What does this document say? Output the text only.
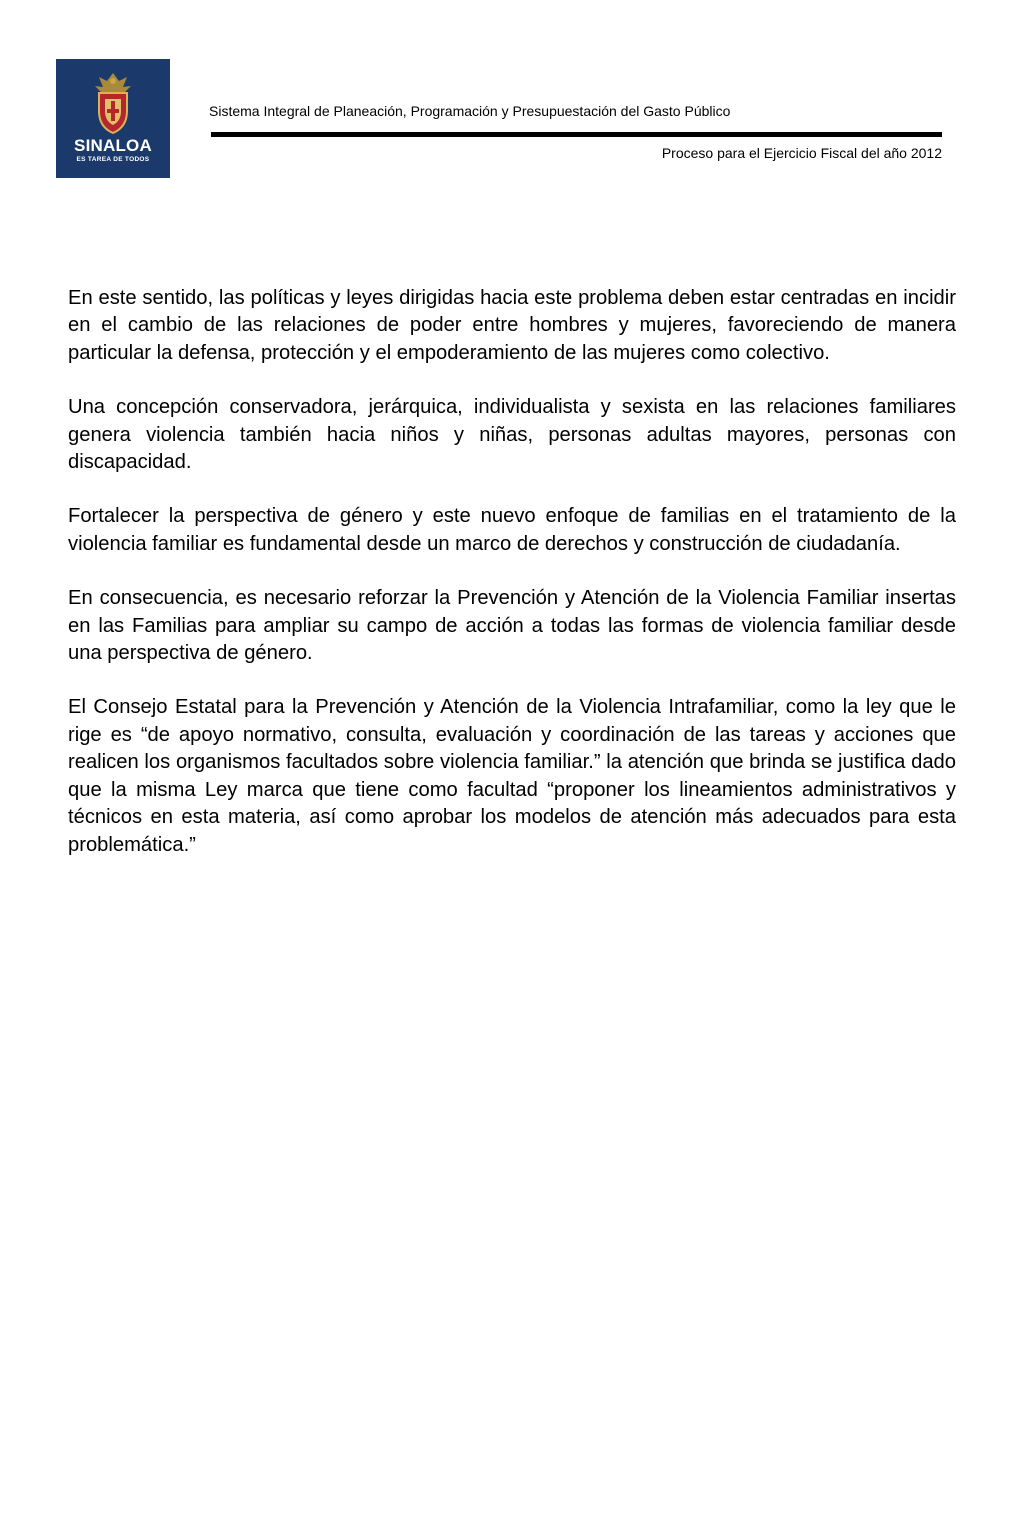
SINALOA
ES TAREA DE TODOS
Sistema Integral de Planeación, Programación y Presupuestación del Gasto Público
Proceso para el Ejercicio Fiscal del año 2012

En este sentido, las políticas y leyes dirigidas hacia este problema deben estar centradas en incidir en el cambio de las relaciones de poder entre hombres y mujeres, favoreciendo de manera particular la defensa, protección y el empoderamiento de las mujeres como colectivo.

Una concepción conservadora, jerárquica, individualista y sexista en las relaciones familiares genera violencia también hacia niños y niñas, personas adultas mayores, personas con discapacidad.

Fortalecer la perspectiva de género y este nuevo enfoque de familias en el tratamiento de la violencia familiar es fundamental desde un marco de derechos y construcción de ciudadanía.

En consecuencia, es necesario reforzar la Prevención y Atención de la Violencia Familiar insertas en las Familias para ampliar su campo de acción a todas las formas de violencia familiar desde una perspectiva de género.

El Consejo Estatal para la Prevención y Atención de la Violencia Intrafamiliar, como la ley que le rige es “de apoyo normativo, consulta, evaluación y coordinación de las tareas y acciones que realicen los organismos facultados sobre violencia familiar.” la atención que brinda se justifica dado que la misma Ley marca que tiene como facultad “proponer los lineamientos administrativos y técnicos en esta materia, así como aprobar los modelos de atención más adecuados para esta problemática.”
